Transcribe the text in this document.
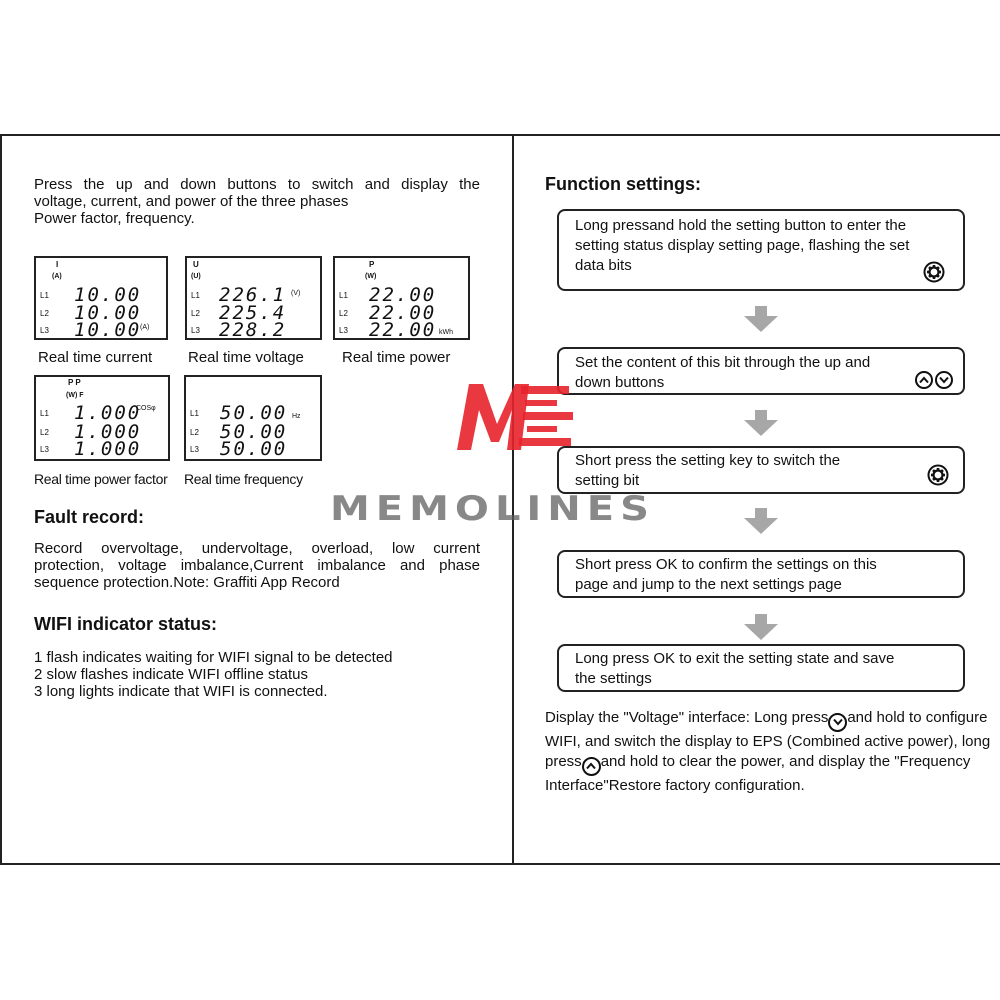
Press the up and down buttons to switch and display the
voltage, current, and power of the three phases
Power factor, frequency.
I
(A)
L1 10.00
L2 10.00
L3 10.00
(A)

Real time current

U
(U)
L1 226.1
L2 225.4
L3 228.2
(V)

Real time voltage

P
(W)
L1 22.00
L2 22.00
L3 22.00 kWh

Real time power

P P
(W) F
L1 1.000
L2 1.000
L3 1.000
COSφ

Real time power factor

L1 50.00
L2 50.00
L3 50.00
Hz

Real time frequency

Fault record:

Record overvoltage, undervoltage, overload, low current protection, voltage imbalance,Current imbalance and phase sequence protection.Note: Graffiti App Record

WIFI indicator status:
1 flash indicates waiting for WIFI signal to be detected
2 slow flashes indicate WIFI offline status
3 long lights indicate that WIFI is connected.
Function settings:
Long pressand hold the setting button to enter the setting status display setting page, flashing the set data bits
Set the content of this bit through the up and down buttons
Short press the setting key to switch the setting bit
Short press OK to confirm the settings on this page and jump to the next settings page
Long press OK to exit the setting state and save the settings

Display the "Voltage" interface: Long press and hold to configure WIFI, and switch the display to EPS (Combined active power), long press and hold to clear the power, and display the "Frequency Interface"Restore factory configuration.

MEMOLINES
